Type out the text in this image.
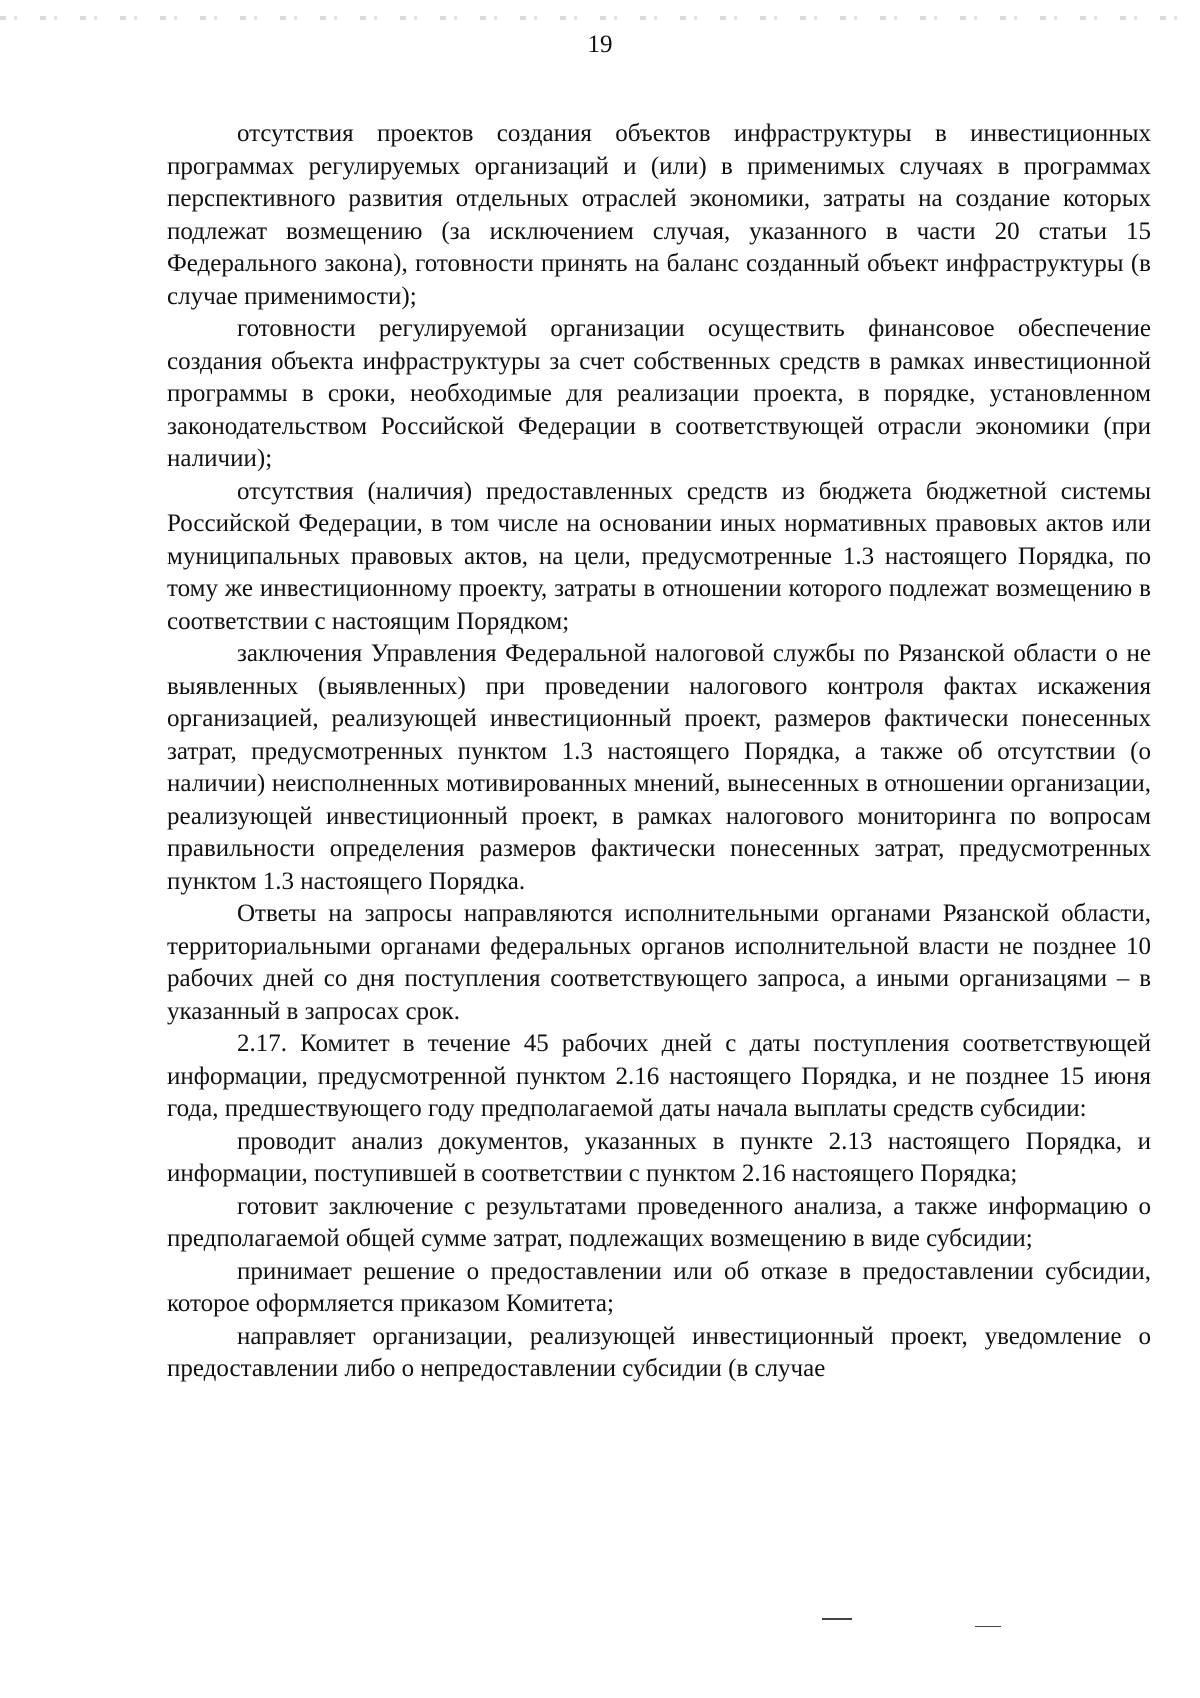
19

отсутствия проектов создания объектов инфраструктуры в инвестиционных программах регулируемых организаций и (или) в применимых случаях в программах перспективного развития отдельных отраслей экономики, затраты на создание которых подлежат возмещению (за исключением случая, указанного в части 20 статьи 15 Федерального закона), готовности принять на баланс созданный объект инфраструктуры (в случае применимости);

готовности регулируемой организации осуществить финансовое обеспечение создания объекта инфраструктуры за счет собственных средств в рамках инвестиционной программы в сроки, необходимые для реализации проекта, в порядке, установленном законодательством Российской Федерации в соответствующей отрасли экономики (при наличии);

отсутствия (наличия) предоставленных средств из бюджета бюджетной системы Российской Федерации, в том числе на основании иных нормативных правовых актов или муниципальных правовых актов, на цели, предусмотренные 1.3 настоящего Порядка, по тому же инвестиционному проекту, затраты в отношении которого подлежат возмещению в соответствии с настоящим Порядком;

заключения Управления Федеральной налоговой службы по Рязанской области о не выявленных (выявленных) при проведении налогового контроля фактах искажения организацией, реализующей инвестиционный проект, размеров фактически понесенных затрат, предусмотренных пунктом 1.3 настоящего Порядка, а также об отсутствии (о наличии) неисполненных мотивированных мнений, вынесенных в отношении организации, реализующей инвестиционный проект, в рамках налогового мониторинга по вопросам правильности определения размеров фактически понесенных затрат, предусмотренных пунктом 1.3 настоящего Порядка.

Ответы на запросы направляются исполнительными органами Рязанской области, территориальными органами федеральных органов исполнительной власти не позднее 10 рабочих дней со дня поступления соответствующего запроса, а иными организацями – в указанный в запросах срок.

2.17. Комитет в течение 45 рабочих дней с даты поступления соответствующей информации, предусмотренной пунктом 2.16 настоящего Порядка, и не позднее 15 июня года, предшествующего году предполагаемой даты начала выплаты средств субсидии:

проводит анализ документов, указанных в пункте 2.13 настоящего Порядка, и информации, поступившей в соответствии с пунктом 2.16 настоящего Порядка;

готовит заключение с результатами проведенного анализа, а также информацию о предполагаемой общей сумме затрат, подлежащих возмещению в виде субсидии;

принимает решение о предоставлении или об отказе в предоставлении субсидии, которое оформляется приказом Комитета;

направляет организации, реализующей инвестиционный проект, уведомление о предоставлении либо о непредоставлении субсидии (в случае
